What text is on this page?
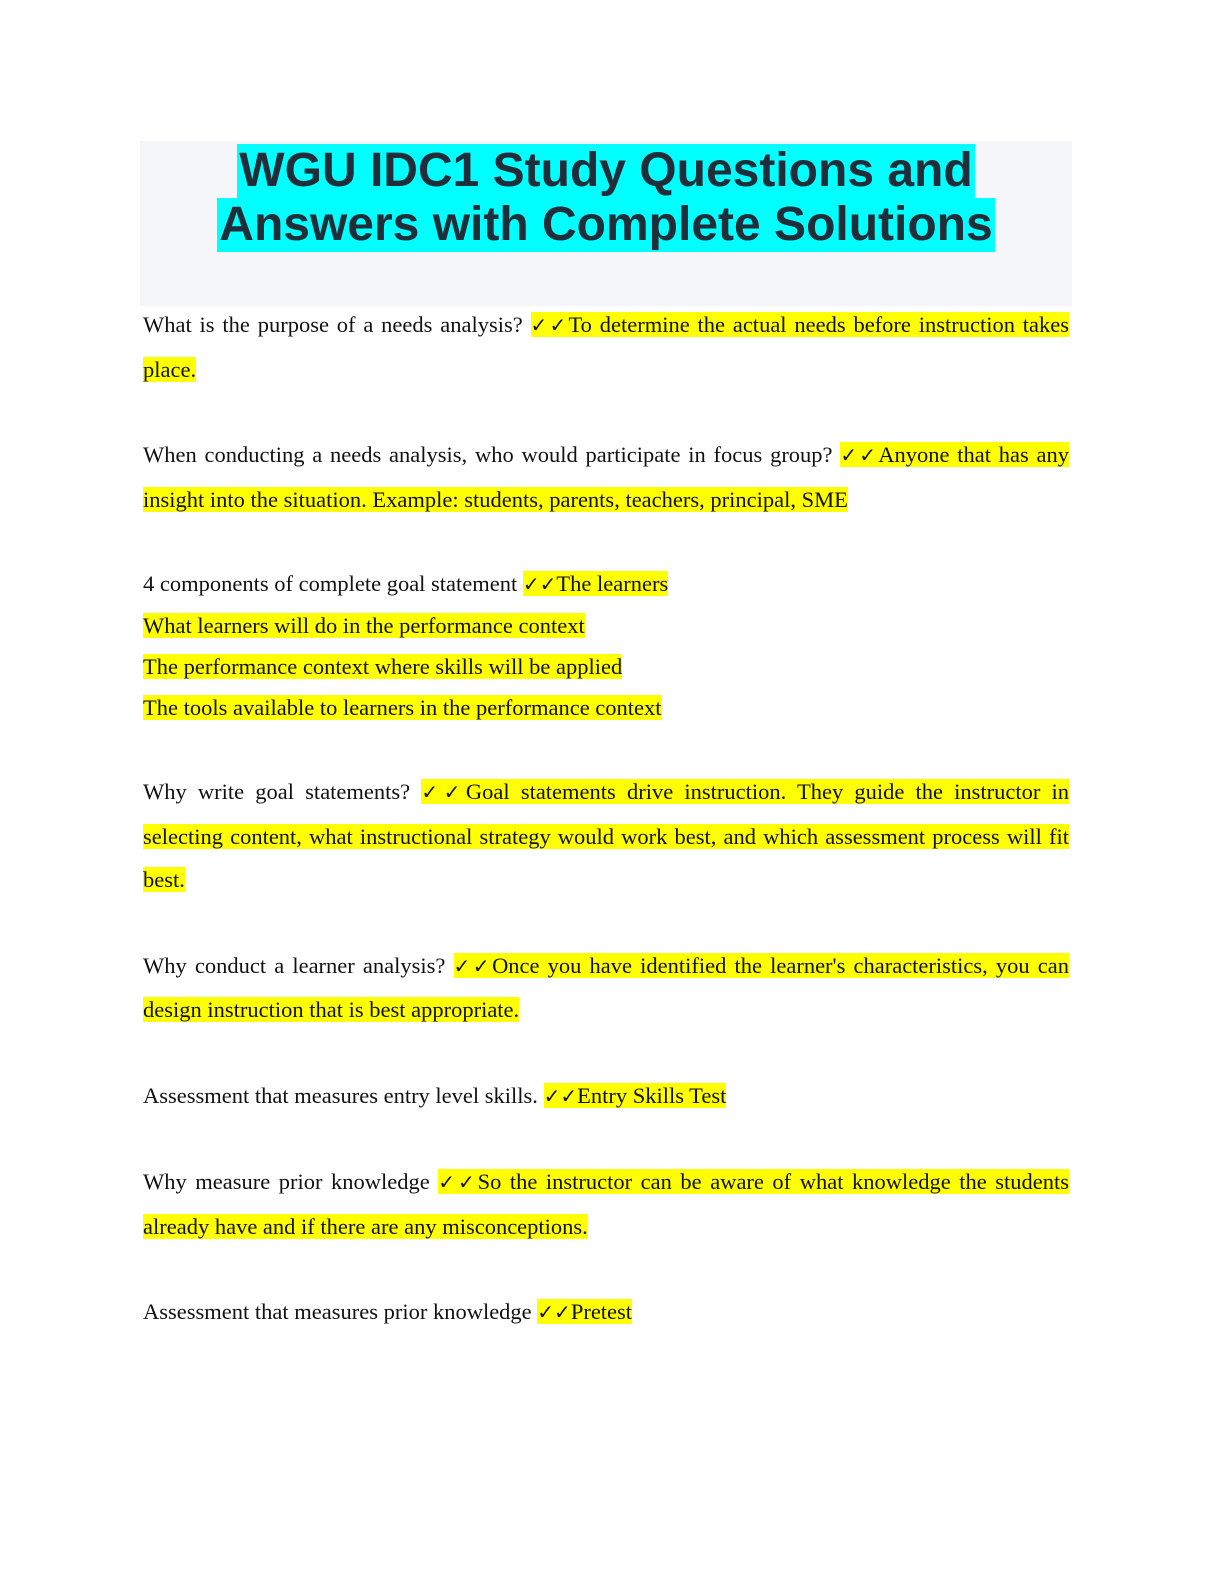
WGU IDC1 Study Questions and
Answers with Complete Solutions

What is the purpose of a needs analysis? ✓✓To determine the actual needs before instruction takes place.

When conducting a needs analysis, who would participate in focus group? ✓✓Anyone that has any insight into the situation. Example: students, parents, teachers, principal, SME

4 components of complete goal statement ✓✓The learners
What learners will do in the performance context
The performance context where skills will be applied
The tools available to learners in the performance context

Why write goal statements? ✓✓Goal statements drive instruction. They guide the instructor in selecting content, what instructional strategy would work best, and which assessment process will fit best.

Why conduct a learner analysis? ✓✓Once you have identified the learner's characteristics, you can design instruction that is best appropriate.

Assessment that measures entry level skills. ✓✓Entry Skills Test

Why measure prior knowledge ✓✓So the instructor can be aware of what knowledge the students already have and if there are any misconceptions.

Assessment that measures prior knowledge ✓✓Pretest
